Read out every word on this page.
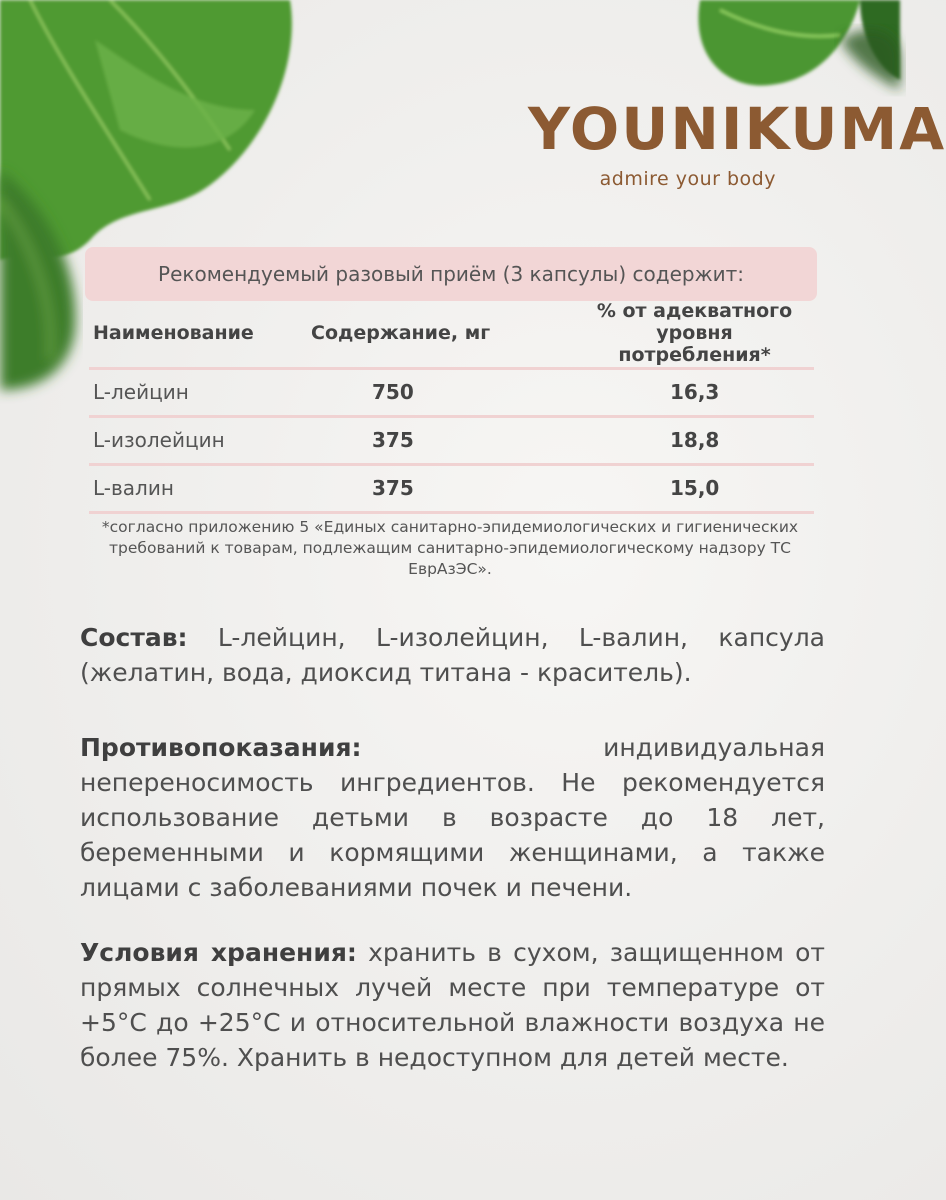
YOUNIKUMA
admire your body
Рекомендуемый разовый приём (3 капсулы) содержит:
Наименование	Содержание, мг	% от адекватного
уровня потребления*
L-лейцин	750	16,3
L-изолейцин	375	18,8
L-валин	375	15,0
*согласно приложению 5 «Единых санитарно-эпидемиологических и гигиенических требований к товарам, подлежащим санитарно-эпидемиологическому надзору ТС ЕврАзЭС».
Состав: L-лейцин, L-изолейцин, L-валин, капсула (желатин, вода, диоксид титана - краситель).
Противопоказания: индивидуальная непереносимость ингредиентов. Не рекомендуется использование детьми в возрасте до 18 лет, беременными и кормящими женщинами, а также лицами с заболеваниями почек и печени.
Условия хранения: хранить в сухом, защищенном от прямых солнечных лучей месте при температуре от +5°С до +25°С и относительной влажности воздуха не более 75%. Хранить в недоступном для детей месте.
